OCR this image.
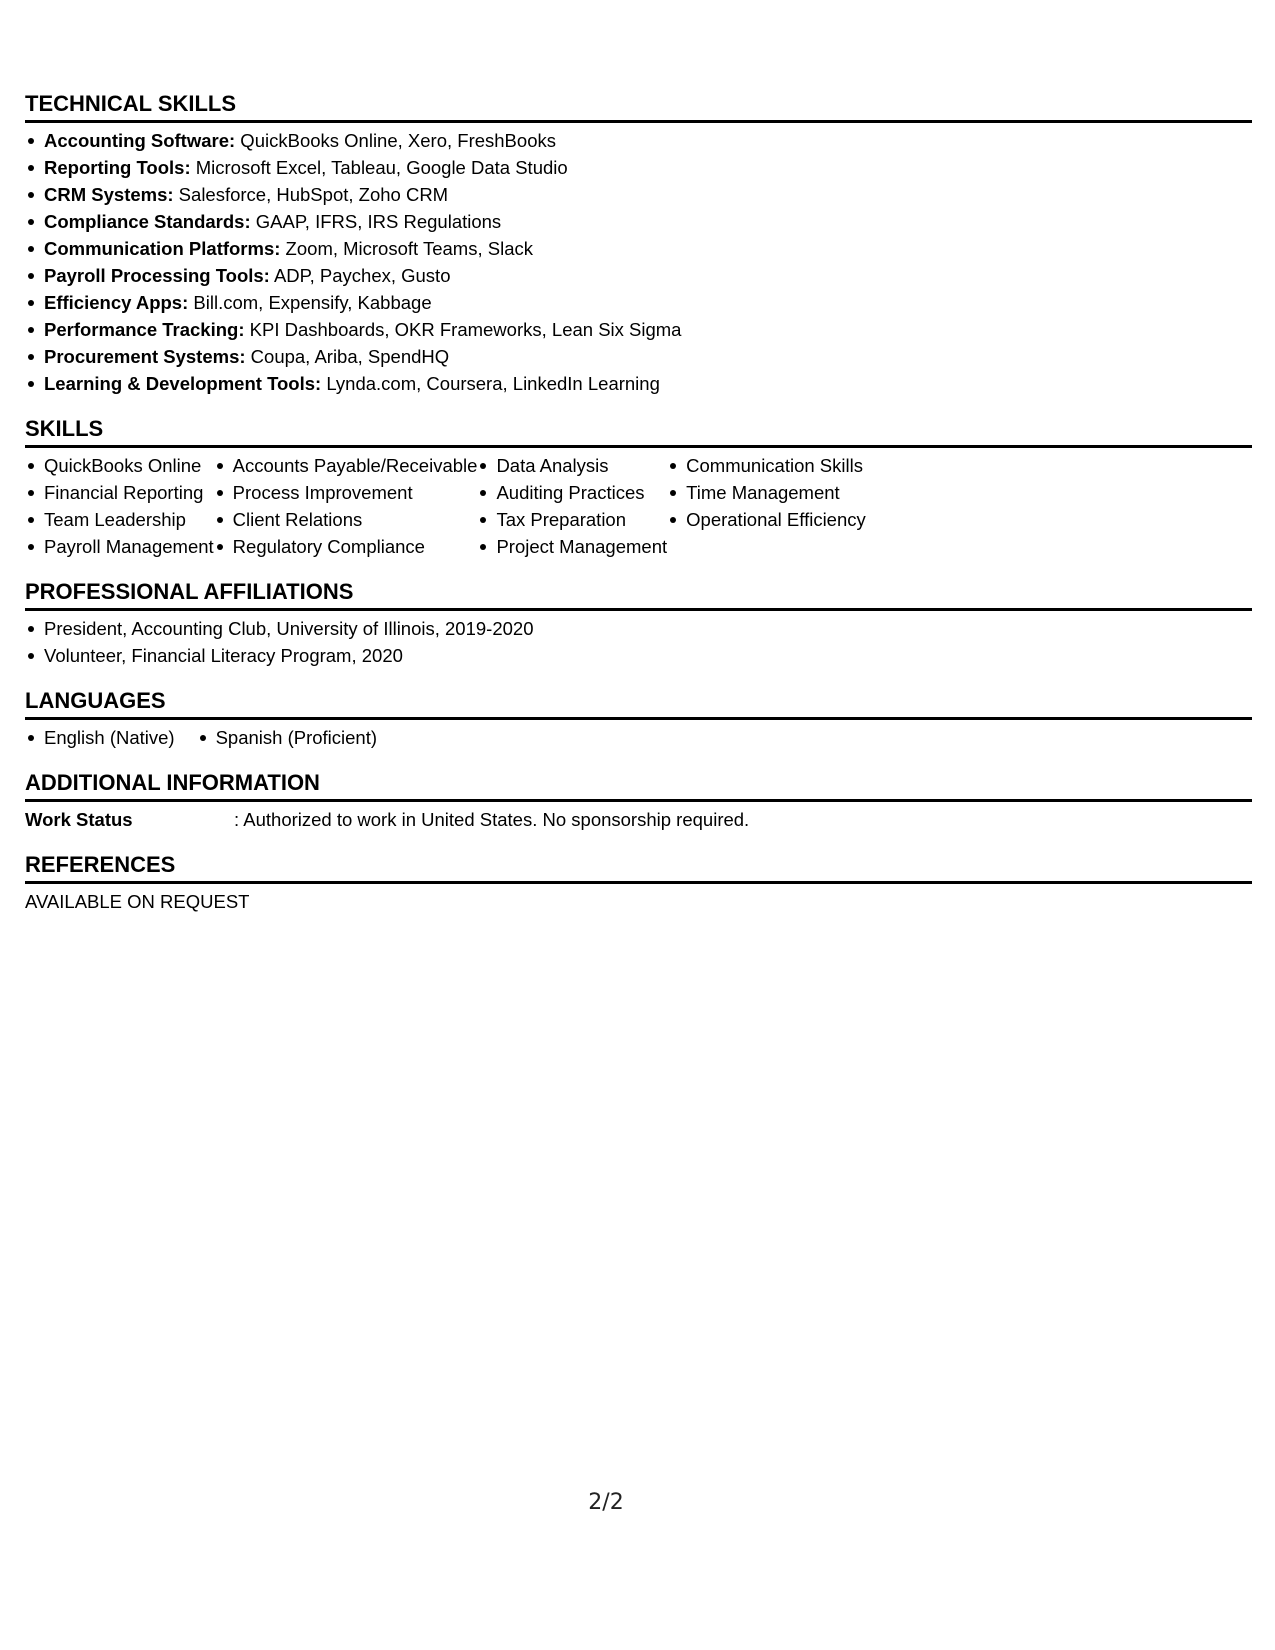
TECHNICAL SKILLS
Accounting Software: QuickBooks Online, Xero, FreshBooks
Reporting Tools: Microsoft Excel, Tableau, Google Data Studio
CRM Systems: Salesforce, HubSpot, Zoho CRM
Compliance Standards: GAAP, IFRS, IRS Regulations
Communication Platforms: Zoom, Microsoft Teams, Slack
Payroll Processing Tools: ADP, Paychex, Gusto
Efficiency Apps: Bill.com, Expensify, Kabbage
Performance Tracking: KPI Dashboards, OKR Frameworks, Lean Six Sigma
Procurement Systems: Coupa, Ariba, SpendHQ
Learning & Development Tools: Lynda.com, Coursera, LinkedIn Learning
SKILLS
QuickBooks Online
Financial Reporting
Team Leadership
Payroll Management
Accounts Payable/Receivable
Process Improvement
Client Relations
Regulatory Compliance
Data Analysis
Auditing Practices
Tax Preparation
Project Management
Communication Skills
Time Management
Operational Efficiency
PROFESSIONAL AFFILIATIONS
President, Accounting Club, University of Illinois, 2019-2020
Volunteer, Financial Literacy Program, 2020
LANGUAGES
English (Native)	Spanish (Proficient)
ADDITIONAL INFORMATION
Work Status	: Authorized to work in United States. No sponsorship required.
REFERENCES
AVAILABLE ON REQUEST
2/2
